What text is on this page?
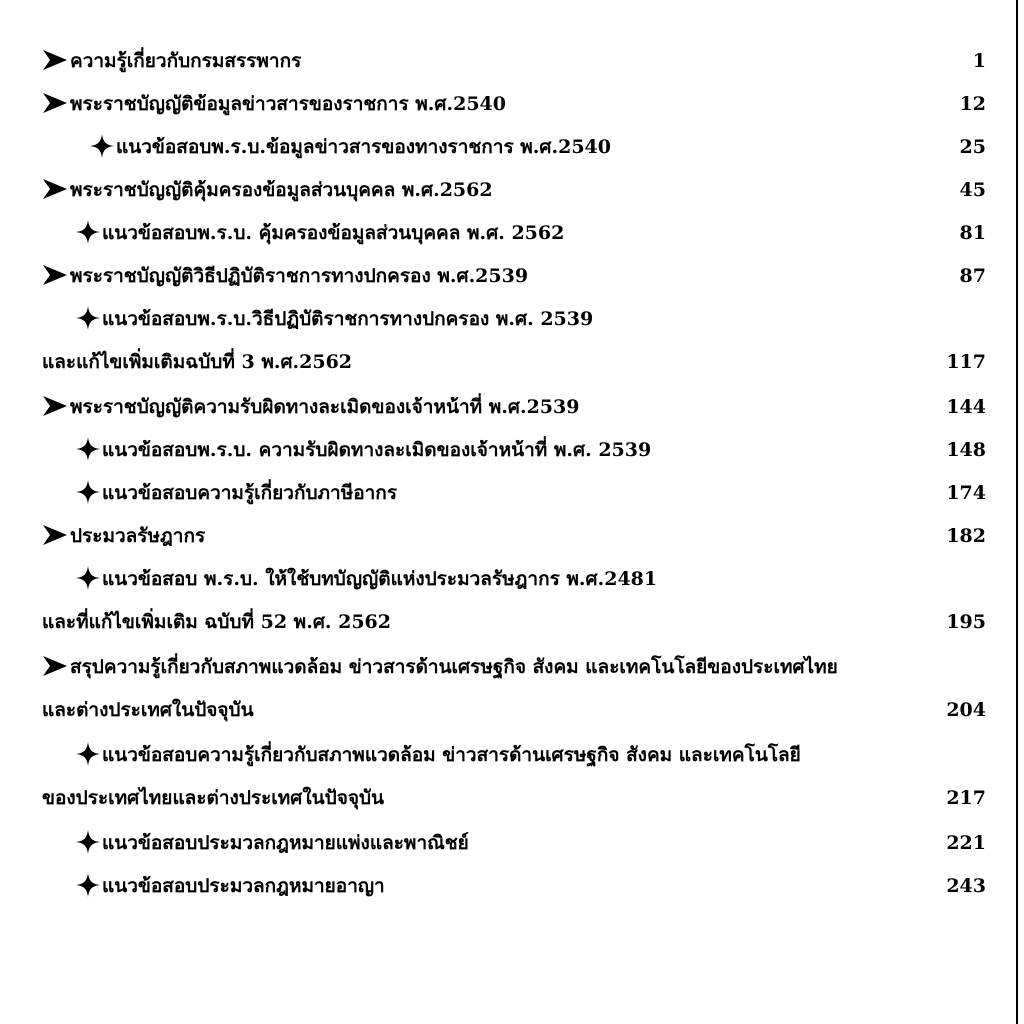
ความรู้เกี่ยวกับกรมสรรพากร	1
พระราชบัญญัติข้อมูลข่าวสารของราชการ พ.ศ.2540	12
แนวข้อสอบพ.ร.บ.ข้อมูลข่าวสารของทางราชการ พ.ศ.2540	25
พระราชบัญญัติคุ้มครองข้อมูลส่วนบุคคล พ.ศ.2562	45
แนวข้อสอบพ.ร.บ. คุ้มครองข้อมูลส่วนบุคคล พ.ศ. 2562	81
พระราชบัญญัติวิธีปฏิบัติราชการทางปกครอง พ.ศ.2539	87
แนวข้อสอบพ.ร.บ.วิธีปฏิบัติราชการทางปกครอง พ.ศ. 2539
และแก้ไขเพิ่มเติมฉบับที่ 3 พ.ศ.2562	117
พระราชบัญญัติความรับผิดทางละเมิดของเจ้าหน้าที่ พ.ศ.2539	144
แนวข้อสอบพ.ร.บ. ความรับผิดทางละเมิดของเจ้าหน้าที่ พ.ศ. 2539	148
แนวข้อสอบความรู้เกี่ยวกับภาษีอากร	174
ประมวลรัษฎากร	182
แนวข้อสอบ พ.ร.บ. ให้ใช้บทบัญญัติแห่งประมวลรัษฎากร พ.ศ.2481
และที่แก้ไขเพิ่มเติม ฉบับที่ 52 พ.ศ. 2562	195
สรุปความรู้เกี่ยวกับสภาพแวดล้อม ข่าวสารด้านเศรษฐกิจ สังคม และเทคโนโลยีของประเทศไทย
และต่างประเทศในปัจจุบัน	204
แนวข้อสอบความรู้เกี่ยวกับสภาพแวดล้อม ข่าวสารด้านเศรษฐกิจ สังคม และเทคโนโลยี
ของประเทศไทยและต่างประเทศในปัจจุบัน	217
แนวข้อสอบประมวลกฎหมายแพ่งและพาณิชย์	221
แนวข้อสอบประมวลกฎหมายอาญา	243
